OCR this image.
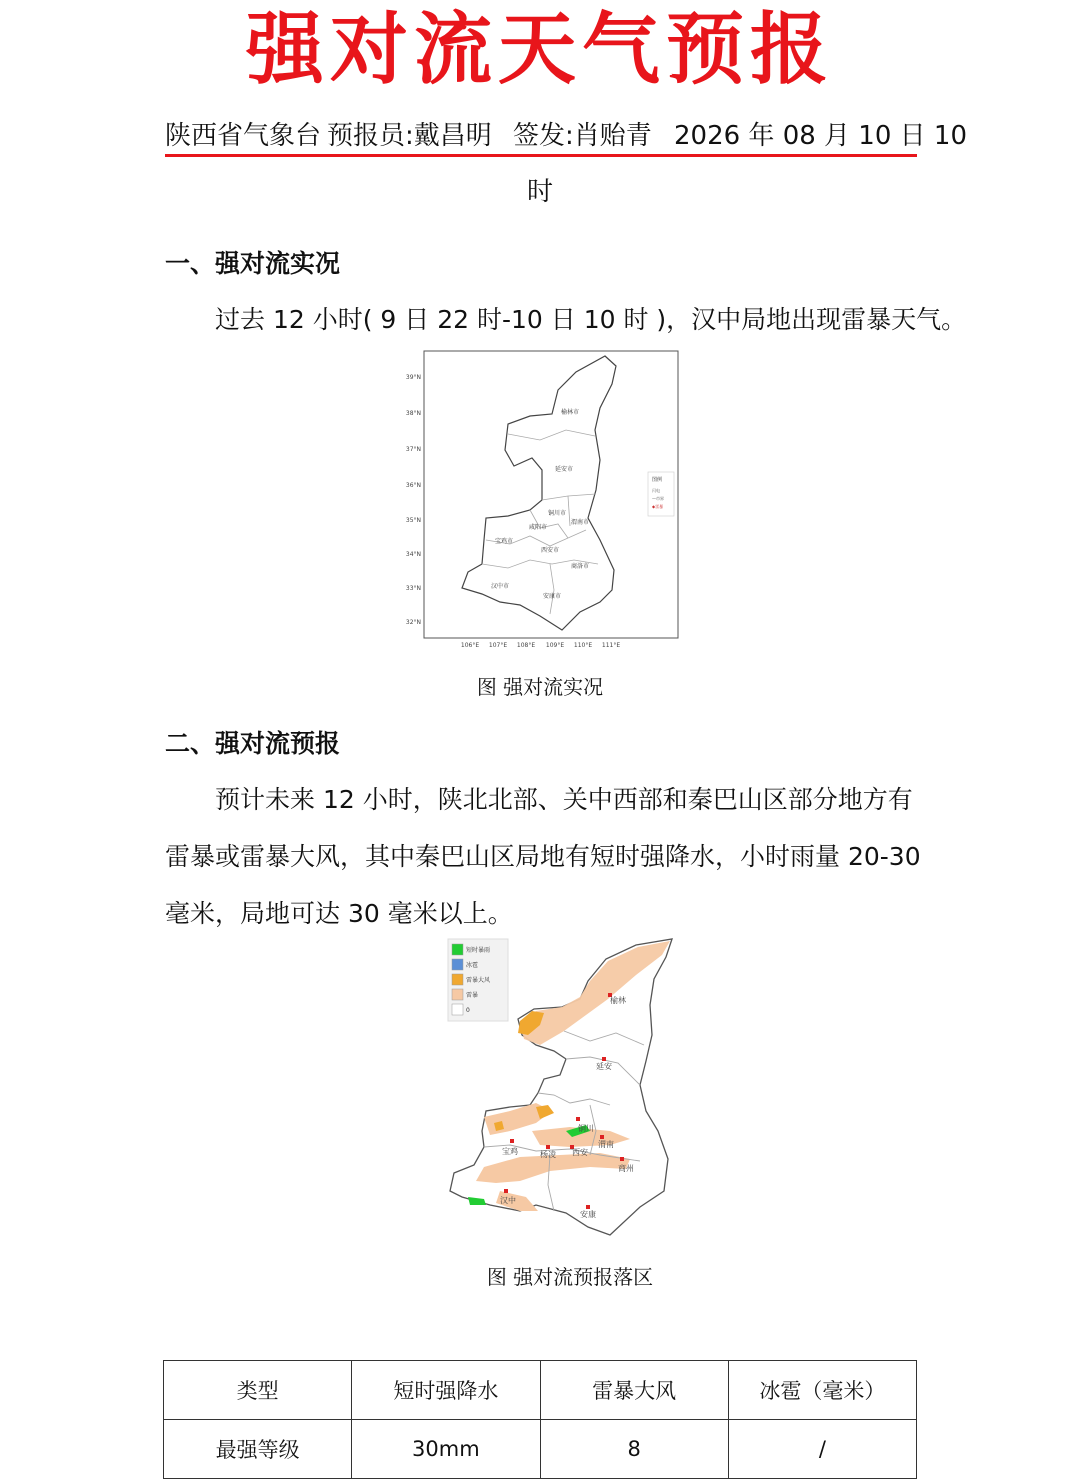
强对流天气预报
陕西省气象台 预报员:戴昌明 签发:肖贻青 2026 年 08 月 10 日 10
时
一、强对流实况
过去 12 小时( 9 日 22 时-10 日 10 时 )，汉中局地出现雷暴天气。
39°N
38°N
37°N
36°N
35°N
34°N
33°N
32°N
106°E 107°E 108°E 109°E 110°E 111°E
榆林市
延安市
铜川市
渭南市
咸阳市
宝鸡市
西安市
商洛市
汉中市
安康市
图例
闪电
—市界
◆雷暴
图 强对流实况
二、强对流预报
预计未来 12 小时，陕北北部、关中西部和秦巴山区部分地方有
雷暴或雷暴大风，其中秦巴山区局地有短时强降水，小时雨量 20-30
毫米，局地可达 30 毫米以上。
短时暴雨
冰雹
雷暴大风
雷暴
0
榆林
延安
铜川
渭南
宝鸡	杨凌 西安
商州
汉中
安康
图 强对流预报落区
类型	短时强降水	雷暴大风	冰雹（毫米）
最强等级	30mm	8	/
